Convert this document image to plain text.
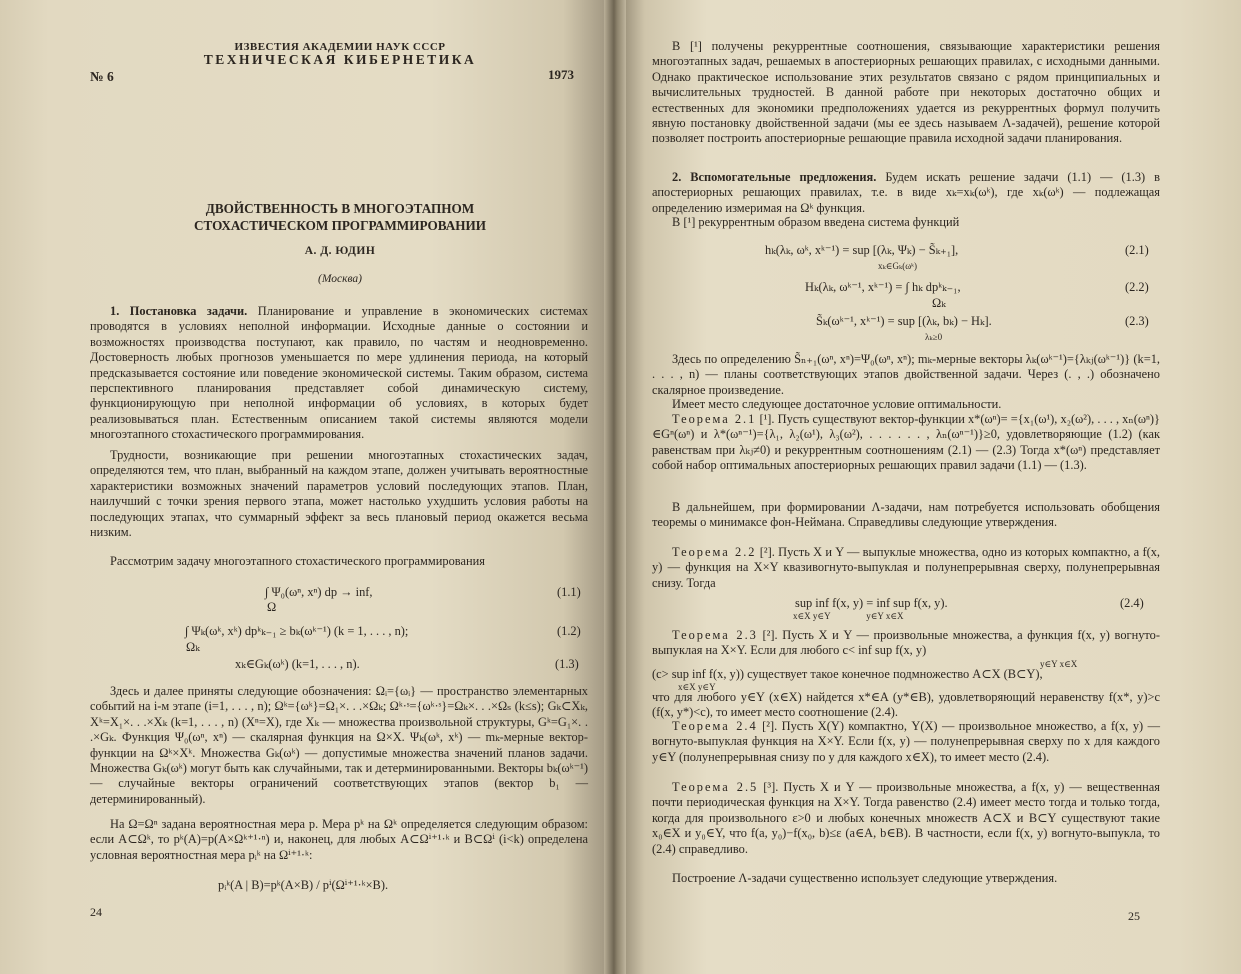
ИЗВЕСТИЯ АКАДЕМИИ НАУК СССР
ТЕХНИЧЕСКАЯ КИБЕРНЕТИКА
№ 6	1973
ДВОЙСТВЕННОСТЬ В МНОГОЭТАПНОМ
СТОХАСТИЧЕСКОМ ПРОГРАММИРОВАНИИ
А. Д. ЮДИН
(Москва)
1. Постановка задачи. Планирование и управление в экономических системах проводятся в условиях неполной информации. Исходные данные о состоянии и возможностях производства поступают, как правило, по частям и неодновременно. Достоверность любых прогнозов уменьшается по мере удлинения периода, на который предсказывается состояние или поведение экономической системы. Таким образом, система перспективного планирования представляет собой динамическую систему, функционирующую при неполной информации об условиях, в которых будет реализовываться план. Естественным описанием такой системы являются модели многоэтапного стохастического программирования.
Трудности, возникающие при решении многоэтапных стохастических задач, определяются тем, что план, выбранный на каждом этапе, должен учитывать вероятностные характеристики возможных значений параметров условий последующих этапов. План, наилучший с точки зрения первого этапа, может настолько ухудшить условия работы на последующих этапах, что суммарный эффект за весь плановый период окажется весьма низким.
Рассмотрим задачу многоэтапного стохастического программирования
∫ Ψ₀(ωⁿ, xⁿ) dp → inf,
Ω
(1.1)
∫ Ψₖ(ωᵏ, xᵏ) dpᵏₖ₋₁ ≥ bₖ(ωᵏ⁻¹) (k = 1, . . . , n);
Ωₖ
(1.2)
xₖ∈Gₖ(ωᵏ) (k=1, . . . , n).	(1.3)
Здесь и далее приняты следующие обозначения: Ωᵢ={ωᵢ} — пространство элементарных событий на i-м этапе (i=1, . . . , n); Ωᵏ={ωᵏ}=Ω₁×. . .×Ωₖ; Ωᵏ·ˢ={ωᵏ·ˢ}=Ωₖ×. . .×Ωₛ (k≤s); Gₖ⊂Xₖ, Xᵏ=X₁×. . .×Xₖ (k=1, . . . , n) (Xⁿ=X), где Xₖ — множества произвольной структуры, Gᵏ=G₁×. . .×Gₖ. Функция Ψ₀(ωⁿ, xⁿ) — скалярная функция на Ω×X. Ψₖ(ωᵏ, xᵏ) — mₖ-мерные вектор-функции на Ωᵏ×Xᵏ. Множества Gₖ(ωᵏ) — допустимые множества значений планов задачи. Множества Gₖ(ωᵏ) могут быть как случайными, так и детерминированными. Векторы bₖ(ωᵏ⁻¹) — случайные векторы ограничений соответствующих этапов (вектор b₁ — детерминированный).
На Ω=Ωⁿ задана вероятностная мера p. Мера pᵏ на Ωᵏ определяется следующим образом: если A⊂Ωᵏ, то pᵏ(A)=p(A×Ωᵏ⁺¹·ⁿ) и, наконец, для любых A⊂Ωⁱ⁺¹·ᵏ и B⊂Ωⁱ (i<k) определена условная вероятностная мера pᵢᵏ на Ωⁱ⁺¹·ᵏ:
pᵢᵏ(A | B)=pᵏ(A×B) / pⁱ(Ωⁱ⁺¹·ᵏ×B).
24
В [¹] получены рекуррентные соотношения, связывающие характеристики решения многоэтапных задач, решаемых в апостериорных решающих правилах, с исходными данными. Однако практическое использование этих результатов связано с рядом принципиальных и вычислительных трудностей. В данной работе при некоторых достаточно общих и естественных для экономики предположениях удается из рекуррентных формул получить явную постановку двойственной задачи (мы ее здесь называем Λ-задачей), решение которой позволяет построить апостериорные решающие правила исходной задачи планирования.
2. Вспомогательные предложения. Будем искать решение задачи (1.1) — (1.3) в апостериорных решающих правилах, т.е. в виде xₖ=xₖ(ωᵏ), где xₖ(ωᵏ) — подлежащая определению измеримая на Ωᵏ функция.
В [¹] рекуррентным образом введена система функций
hₖ(λₖ, ωᵏ, xᵏ⁻¹) = sup [(λₖ, Ψₖ) − S̃ₖ₊₁],
xₖ∈Gₖ(ωᵏ)
(2.1)
Hₖ(λₖ, ωᵏ⁻¹, xᵏ⁻¹) = ∫ hₖ dpᵏₖ₋₁,
Ωₖ
(2.2)
S̃ₖ(ωᵏ⁻¹, xᵏ⁻¹) = sup [(λₖ, bₖ) − Hₖ].
λₖ≥0
(2.3)
Здесь по определению S̃ₙ₊₁(ωⁿ, xⁿ)=Ψ₀(ωⁿ, xⁿ); mₖ-мерные векторы λₖ(ωᵏ⁻¹)={λₖⱼ(ωᵏ⁻¹)} (k=1, . . . , n) — планы соответствующих этапов двойственной задачи. Через (. , .) обозначено скалярное произведение.
Имеет место следующее достаточное условие оптимальности.
Теорема 2.1 [¹]. Пусть существуют вектор-функции x*(ωⁿ)= ={x₁(ω¹), x₂(ω²), . . . , xₙ(ωⁿ)}∈Gⁿ(ωⁿ) и λ*(ωⁿ⁻¹)={λ₁, λ₂(ω¹), λ₃(ω²), . . . . . . , λₙ(ωⁿ⁻¹)}≥0, удовлетворяющие (1.2) (как равенствам при λₖⱼ≠0) и рекуррентным соотношениям (2.1) — (2.3) Тогда x*(ωⁿ) представляет собой набор оптимальных апостериорных решающих правил задачи (1.1) — (1.3).
В дальнейшем, при формировании Λ-задачи, нам потребуется использовать обобщения теоремы о минимаксе фон-Неймана. Справедливы следующие утверждения.
Теорема 2.2 [²]. Пусть X и Y — выпуклые множества, одно из которых компактно, a f(x, y) — функция на X×Y квазивогнуто-выпуклая и полунепрерывная сверху, полунепрерывная снизу. Тогда
sup inf f(x, y) = inf sup f(x, y).
x∈X y∈Y                y∈Y x∈X
(2.4)
Теорема 2.3 [²]. Пусть X и Y — произвольные множества, а функция f(x, y) вогнуто-выпуклая на X×Y. Если для любого c< inf sup f(x, y)
y∈Y x∈X
(c> sup inf f(x, y)) существует такое конечное подмножество A⊂X (B⊂Y),
x∈X y∈Y
что для любого y∈Y (x∈X) найдется x*∈A (y*∈B), удовлетворяющий неравенству f(x*, y)>c (f(x, y*)<c), то имеет место соотношение (2.4).
Теорема 2.4 [²]. Пусть X(Y) компактно, Y(X) — произвольное множество, а f(x, y) — вогнуто-выпуклая функция на X×Y. Если f(x, y) — полунепрерывная сверху по x для каждого y∈Y (полунепрерывная снизу по y для каждого x∈X), то имеет место (2.4).
Теорема 2.5 [³]. Пусть X и Y — произвольные множества, а f(x, y) — вещественная почти периодическая функция на X×Y. Тогда равенство (2.4) имеет место тогда и только тогда, когда для произвольного ε>0 и любых конечных множеств A⊂X и B⊂Y существуют такие x₀∈X и y₀∈Y, что f(a, y₀)−f(x₀, b)≤ε (a∈A, b∈B). В частности, если f(x, y) вогнуто-выпукла, то (2.4) справедливо.
Построение Λ-задачи существенно использует следующие утверждения.
25
